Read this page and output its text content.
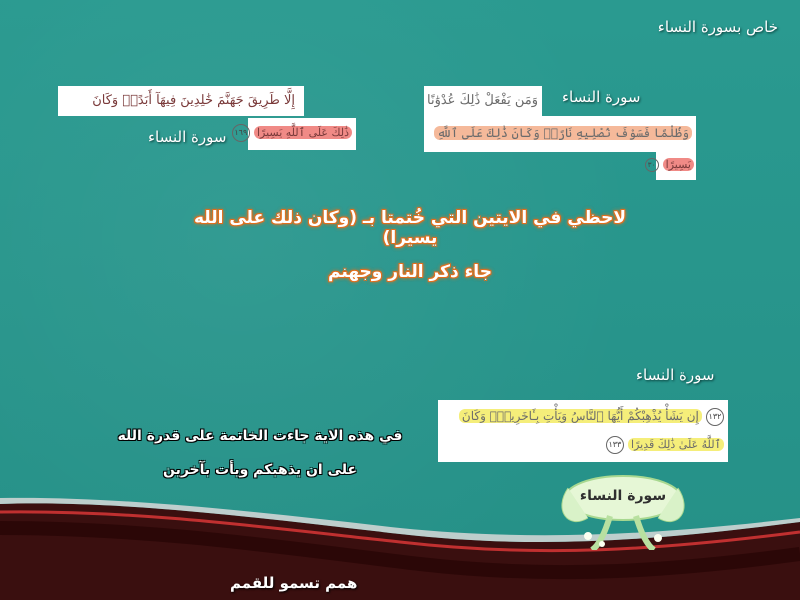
خاص بسورة النساء
إِلَّا طَرِيقَ جَهَنَّمَ خَٰلِدِينَ فِيهَآ أَبَدًاۚ وَكَانَ
ذَٰلِكَ عَلَى ٱللَّهِ يَسِيرًا ١٦٩
سورة النساء
سورة النساء
وَمَن يَفْعَلْ ذَٰلِكَ عُدْوَٰنًا
وَظُلْمًا فَسَوْفَ نُصْلِيهِ نَارًاۚ وَكَانَ ذَٰلِكَ عَلَى ٱللَّهِ
يَسِيرًا ٣٠
لاحظي في الايتين التي خُتمتا بـ (وكان ذلك على الله يسيرا)
جاء ذكر النار وجهنم
سورة النساء
١٣٢ إِن يَشَأْ يُذْهِبْكُمْ أَيُّهَا ٱلنَّاسُ وَيَأْتِ بِـَٔاخَرِينَۚ وَكَانَ
ٱللَّهُ عَلَىٰ ذَٰلِكَ قَدِيرًا ١٣٣
في هذه الاية جاءت الخاتمة على قدرة الله
على ان يذهبكم ويأت بآخرين
سورة النساء
همم تسمو للقمم
